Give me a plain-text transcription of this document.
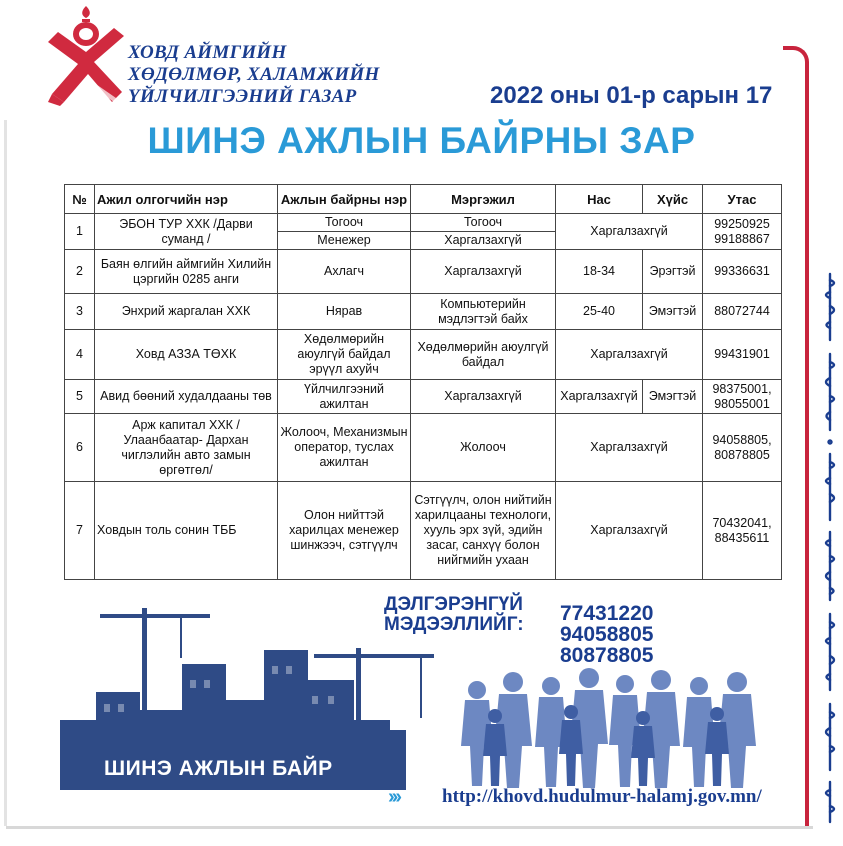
ХОВД АЙМГИЙН
ХӨДӨЛМӨР, ХАЛАМЖИЙН
ҮЙЛЧИЛГЭЭНИЙ ГАЗАР	2022 оны 01-р сарын 17
ШИНЭ АЖЛЫН БАЙРНЫ ЗАР
№	Ажил олгогчийн нэр	Ажлын байрны нэр	Мэргэжил	Нас	Хүйс	Утас
1	ЭБОН ТУР ХХК /Дарви суманд /	Тогооч	Тогооч	Харгалзахгүй		99250925 99188867
		Менежер	Харгалзахгүй			
2	Баян өлгийн аймгийн Хилийн цэргийн 0285 анги	Ахлагч	Харгалзахгүй	18-34	Эрэгтэй	99336631
3	Энхрий жаргалан ХХК	Нярав	Компьютерийн мэдлэгтэй байх	25-40	Эмэгтэй	88072744
4	Ховд АЗЗА ТӨХК	Хөдөлмөрийн аюулгүй байдал эрүүл ахуйч	Хөдөлмөрийн аюулгүй байдал	Харгалзахгүй		99431901
5	Авид бөөний худалдааны төв	Үйлчилгээний ажилтан	Харгалзахгүй	Харгалзахгүй	Эмэгтэй	98375001, 98055001
6	Арж капитал ХХК /Улаанбаатар- Дархан чиглэлийн авто замын өргөтгөл/	Жолооч, Механизмын оператор, туслах ажилтан	Жолооч	Харгалзахгүй		94058805, 80878805
7	Ховдын толь сонин ТББ	Олон нийттэй харилцах менежер шинжээч, сэтгүүлч	Сэтгүүлч, олон нийтийн харилцааны технологи, хууль эрх зүй, эдийн засаг, санхүү болон нийгмийн ухаан	Харгалзахгүй		70432041, 88435611
ДЭЛГЭРЭНГҮЙ
МЭДЭЭЛЛИЙГ: 77431220
94058805
80878805
ШИНЭ АЖЛЫН БАЙР
››› http://khovd.hudulmur-halamj.gov.mn/
